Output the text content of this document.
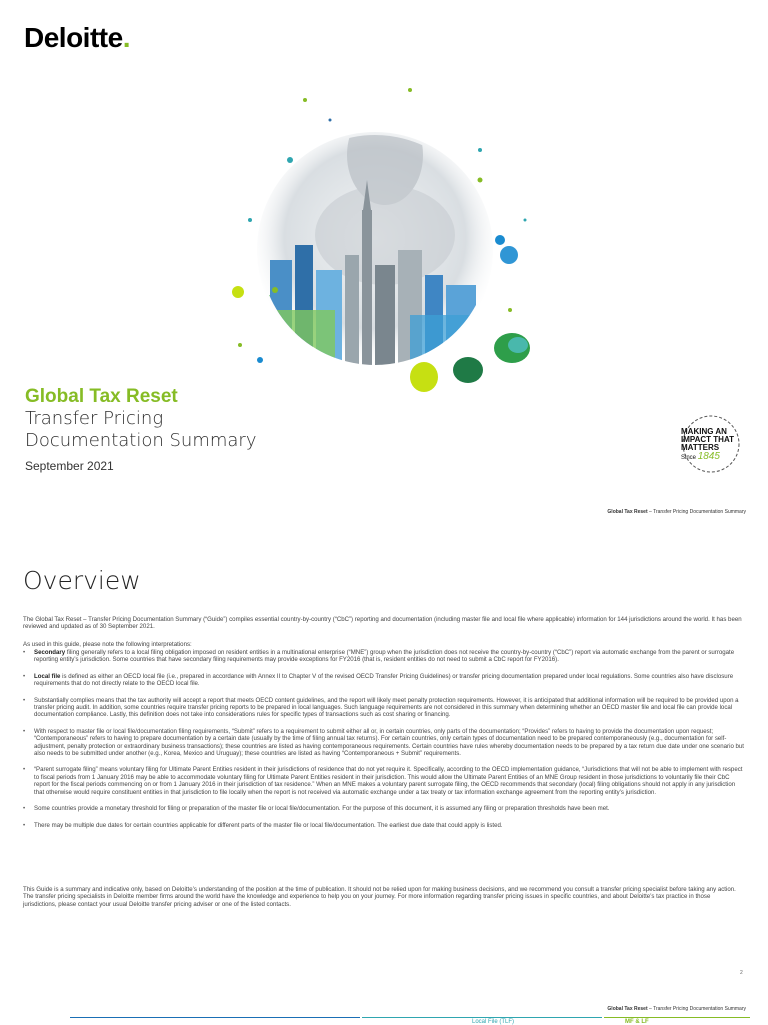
Deloitte.
Global Tax Reset
Transfer Pricing
Documentation Summary
September 2021
MAKING AN
IMPACT THAT
MATTERS
Since 1845
Global Tax Reset – Transfer Pricing Documentation Summary
Overview
The Global Tax Reset – Transfer Pricing Documentation Summary (“Guide”) compiles essential country-by-country (“CbC”) reporting and documentation (including master file and local file where applicable) information for 144 jurisdictions around the world. It has been reviewed and updated as of 30 September 2021.
As used in this guide, please note the following interpretations:
• Secondary filing generally refers to a local filing obligation imposed on resident entities in a multinational enterprise (“MNE”) group when the jurisdiction does not receive the country-by-country (“CbC”) report via automatic exchange from the parent or surrogate reporting entity’s jurisdiction. Some countries that have secondary filing requirements may provide exceptions for FY2016 (that is, resident entities do not need to submit a CbC report for FY2016).
• Local file is defined as either an OECD local file (i.e., prepared in accordance with Annex II to Chapter V of the revised OECD Transfer Pricing Guidelines) or transfer pricing documentation prepared under local regulations. Some countries also have disclosure requirements that do not directly relate to the OECD local file.
• Substantially complies means that the tax authority will accept a report that meets OECD content guidelines, and the report will likely meet penalty protection requirements. However, it is anticipated that additional information will be required to be provided upon a transfer pricing audit. In addition, some countries require transfer pricing reports to be prepared in local languages. Such language requirements are not considered in this summary when determining whether an OECD master file and local file can provide local documentation compliance. Lastly, this definition does not take into considerations rules for specific types of transactions such as cost sharing or financing.
• With respect to master file or local file/documentation filing requirements, “Submit” refers to a requirement to submit either all or, in certain countries, only parts of the documentation; “Provides” refers to having to provide the documentation upon request; “Contemporaneous” refers to having to prepare documentation by a certain date (usually by the time of filing annual tax returns). For certain countries, only certain types of documentation need to be prepared contemporaneously (e.g., documentation for self-adjustment, penalty protection or extraordinary business transactions); these countries are listed as having contemporaneous requirements. Certain countries have rules whereby documentation needs to be prepared by a tax return due date under one scenario but also needs to be submitted under another (e.g., Korea, Mexico and Uruguay); these countries are listed as having “Contemporaneous + Submit” requirements.
• “Parent surrogate filing” means voluntary filing for Ultimate Parent Entities resident in their jurisdictions of residence that do not yet require it. Specifically, according to the OECD implementation guidance, “Jurisdictions that will not be able to implement with respect to fiscal periods from 1 January 2016 may be able to accommodate voluntary filing for Ultimate Parent Entities resident in their jurisdiction. This would allow the Ultimate Parent Entities of an MNE Group resident in those jurisdictions to voluntarily file their CbC report for the fiscal periods commencing on or from 1 January 2016 in their jurisdiction of tax residence.” When an MNE makes a voluntary parent surrogate filing, the OECD recommends that secondary (local) filing obligations should not apply in any jurisdiction that otherwise would require constituent entities in that jurisdiction to file locally when the report is not received via automatic exchange under a tax treaty or tax information exchange agreement from the reporting entity’s jurisdiction.
• Some countries provide a monetary threshold for filing or preparation of the master file or local file/documentation. For the purpose of this document, it is assumed any filing or preparation thresholds have been met.
• There may be multiple due dates for certain countries applicable for different parts of the master file or local file/documentation. The earliest due date that could apply is listed.
This Guide is a summary and indicative only, based on Deloitte’s understanding of the position at the time of publication. It should not be relied upon for making business decisions, and we recommend you consult a transfer pricing specialist before taking any action. The transfer pricing specialists in Deloitte member firms around the world have the knowledge and experience to help you on your journey. For more information regarding transfer pricing issues in specific countries, and about Deloitte’s tax practice in those jurisdictions, please contact your usual Deloitte transfer pricing adviser or one of the listed contacts.
2
Global Tax Reset – Transfer Pricing Documentation Summary
Local File (TLF)	MF & LF
